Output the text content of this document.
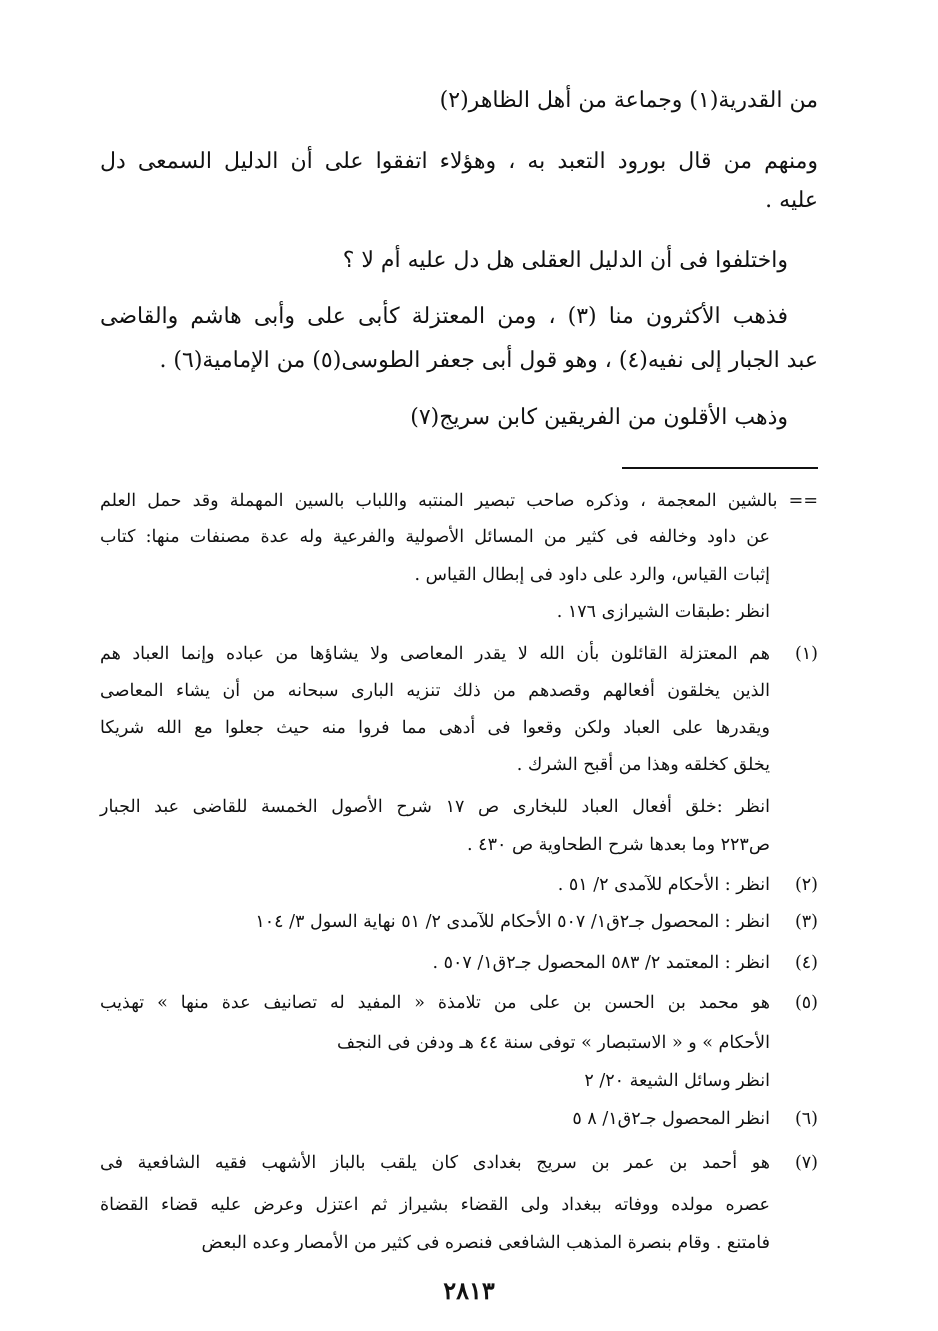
من القدرية(١) وجماعة من أهل الظاهر(٢)
ومنهم من قال بورود التعبد به ، وهؤلاء اتفقوا على أن الدليل السمعى دل
عليه .
واختلفوا فى أن الدليل العقلى هل دل عليه أم لا ؟
فذهب الأكثرون منا (٣) ، ومن المعتزلة كأبى على وأبى هاشم والقاضى
عبد الجبار إلى نفيه(٤) ، وهو قول أبى جعفر الطوسى(٥) من الإمامية(٦) .
وذهب الأقلون من الفريقين كابن سريج(٧)
== بالشين المعجمة ، وذكره صاحب تبصير المنتبه واللباب بالسين المهملة وقد حمل العلم
عن داود وخالفه فى كثير من المسائل الأصولية والفرعية وله عدة مصنفات منها: كتاب
إثبات القياس، والرد على داود فى إبطال القياس .
انظر :طبقات الشيرازى ١٧٦ .
(١)
هم المعتزلة القائلون بأن الله لا يقدر المعاصى ولا يشاؤها من عباده وإنما العباد هم
الذين يخلقون أفعالهم وقصدهم من ذلك تنزيه البارى سبحانه من أن يشاء المعاصى
ويقدرها على العباد ولكن وقعوا فى أدهى مما فروا منه حيث جعلوا مع الله شريكا
يخلق كخلقه وهذا من أقبح الشرك .
انظر :خلق أفعال العباد للبخارى ص ١٧ شرح الأصول الخمسة للقاضى عبد الجبار
ص٢٢٣ وما بعدها شرح الطحاوية ص ٤٣٠ .
(٢)
انظر : الأحكام للآمدى ٢/ ٥١ .
(٣)
انظر : المحصول جـ٢ق١/ ٥٠٧ الأحكام للآمدى ٢/ ٥١ نهاية السول ٣/ ١٠٤
(٤)
انظر : المعتمد ٢/ ٥٨٣ المحصول جـ٢ق١/ ٥٠٧ .
(٥)
هو محمد بن الحسن بن على من تلامذة « المفيد له تصانيف عدة منها » تهذيب
الأحكام » و « الاستبصار » توفى سنة ٤٤ هـ ودفن فى النجف
انظر وسائل الشيعة ٢٠/ ٢
(٦)
انظر المحصول جـ٢ق١/ ٨ ٥
(٧)
هو أحمد بن عمر بن سريج بغدادى كان يلقب بالباز الأشهب فقيه الشافعية فى
عصره مولده ووفاته ببغداد ولى القضاء بشيراز ثم اعتزل وعرض عليه قضاء القضاة
فامتنع . وقام بنصرة المذهب الشافعى فنصره فى كثير من الأمصار وعده البعض
٢٨١٣
